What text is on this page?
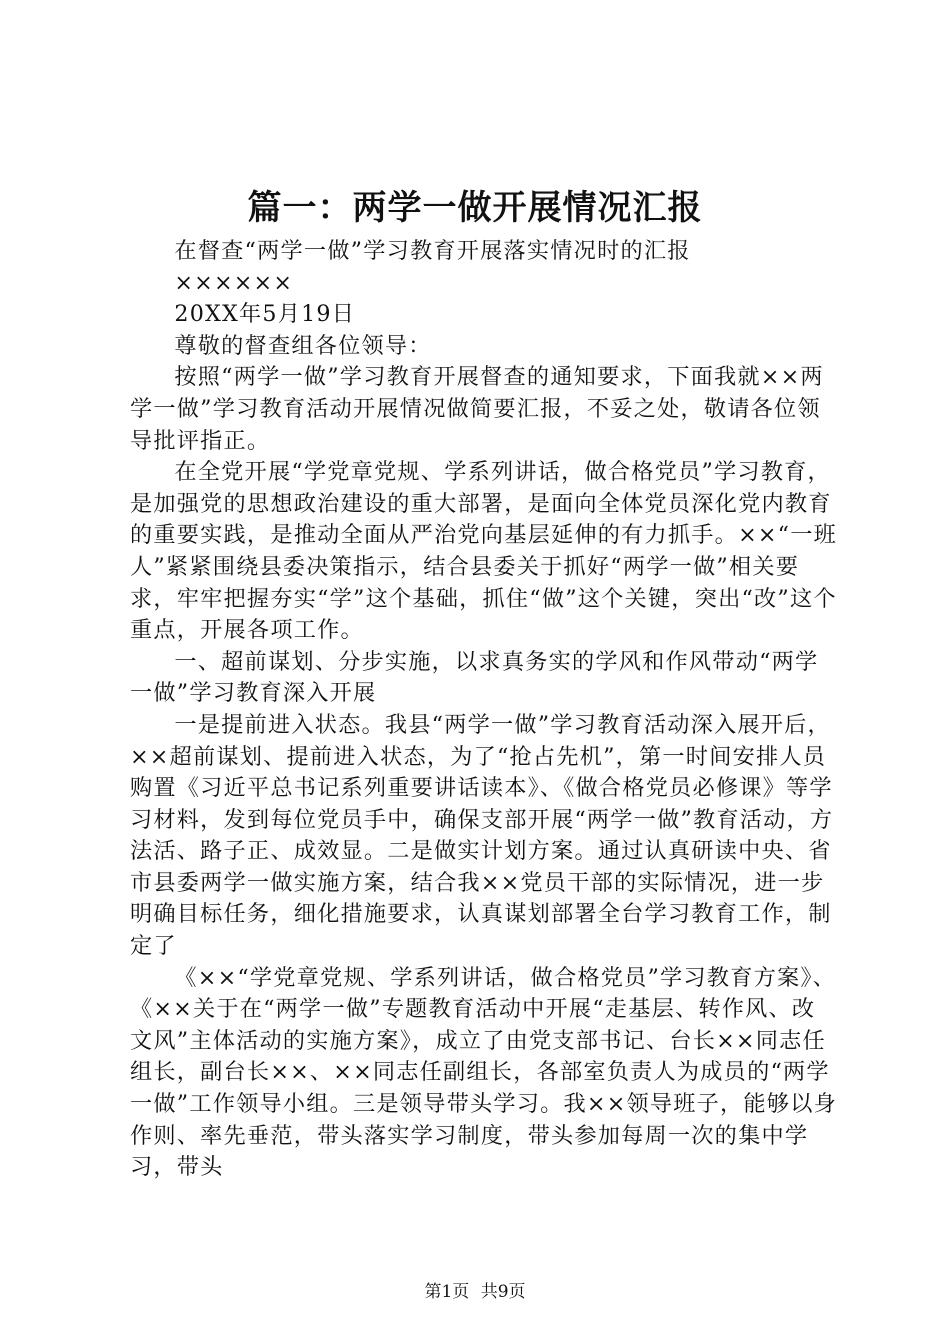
篇一：两学一做开展情况汇报

在督查“两学一做”学习教育开展落实情况时的汇报

××××××

20XX年5月19日

尊敬的督查组各位领导：

按照“两学一做”学习教育开展督查的通知要求，下面我就××两学一做”学习教育活动开展情况做简要汇报，不妥之处，敬请各位领导批评指正。

在全党开展“学党章党规、学系列讲话，做合格党员”学习教育，是加强党的思想政治建设的重大部署，是面向全体党员深化党内教育的重要实践，是推动全面从严治党向基层延伸的有力抓手。××“一班人”紧紧围绕县委决策指示，结合县委关于抓好“两学一做”相关要求，牢牢把握夯实“学”这个基础，抓住“做”这个关键，突出“改”这个重点，开展各项工作。

一、超前谋划、分步实施，以求真务实的学风和作风带动“两学一做”学习教育深入开展

一是提前进入状态。我县“两学一做”学习教育活动深入展开后，××超前谋划、提前进入状态，为了“抢占先机”，第一时间安排人员购置《习近平总书记系列重要讲话读本》、《做合格党员必修课》等学习材料，发到每位党员手中，确保支部开展“两学一做”教育活动，方法活、路子正、成效显。二是做实计划方案。通过认真研读中央、省市县委两学一做实施方案，结合我××党员干部的实际情况，进一步明确目标任务，细化措施要求，认真谋划部署全台学习教育工作，制定了

《××“学党章党规、学系列讲话，做合格党员”学习教育方案》、《××关于在“两学一做”专题教育活动中开展“走基层、转作风、改文风”主体活动的实施方案》，成立了由党支部书记、台长××同志任组长，副台长××、××同志任副组长，各部室负责人为成员的“两学一做”工作领导小组。三是领导带头学习。我××领导班子，能够以身作则、率先垂范，带头落实学习制度，带头参加每周一次的集中学习，带头

第1页 共9页
